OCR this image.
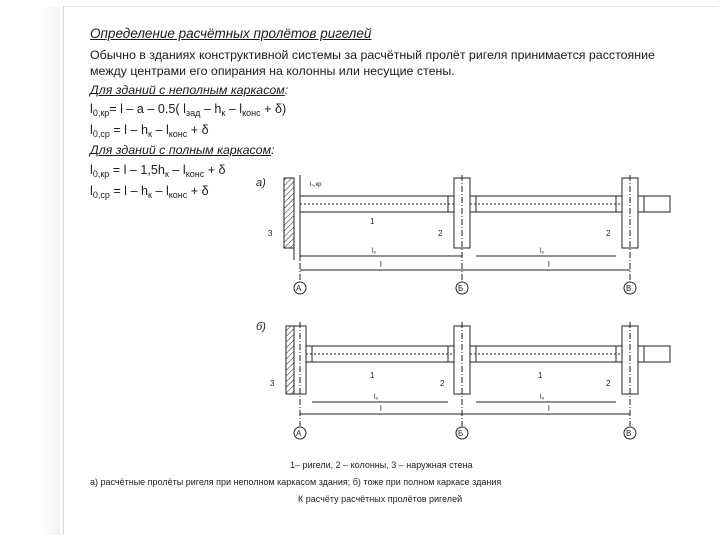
Определение расчётных пролётов ригелей
Обычно в зданиях конструктивной системы за расчётный пролёт ригеля принимается расстояние между центрами его опирания на колонны или несущие стены.
Для зданий с неполным каркасом:
$l_{0,кр}= l - a - 0.5$( $l_{зад} - h_к - l_{конс} + \delta$)
$l_{0,ср} = l - h_к - l_{конс} + \delta$
Для зданий с полным каркасом:
$l_{0,кр} = l - 1,5h_к - l_{конс} + \delta$
$l_{0,ср} = l - h_к - l_{конс} + \delta$
а)
А	Б	В
l₀	l₀
l	l
l₀,кр
3
1
2	2
б)
А	Б	В
l₀	l₀
l	l
3
1	1
2	2
1– ригели, 2 – колонны, 3 – наружная стена
а) расчётные пролёты ригеля при неполном каркасом здания; б) тоже при полном каркасе здания
К расчёту расчётных пролётов ригелей
